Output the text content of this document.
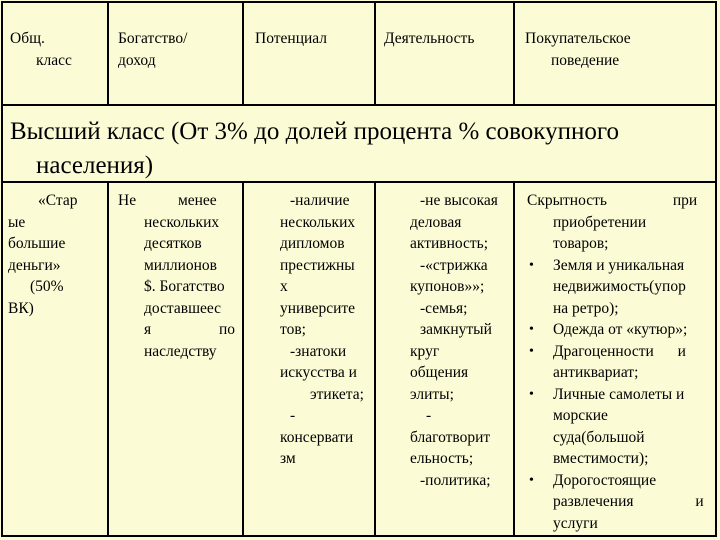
Общ.
класс
Богатство/
доход
Потенциал	Деятельность	Покупательское
поведение
Высший класс (От 3% до долей процента % совокупного
населения)
«Стар
ые
большие
деньги»
(50%
ВК)
Не менее
нескольких
десятков
миллионов
$. Богатство
доставшеес
я по
наследству
-наличие
нескольких
дипломов
престижны
х
университе
тов;
-знатоки
искусства и
этикета;
-
консервати
зм
-не высокая
деловая
активность;
-«стрижка
купонов»»;
-семья;
замкнутый
круг
общения
элиты;
-
благотворит
ельность;
-политика;
Скрытность при
приобретении
товаров;
• Земля и уникальная
недвижимость(упор
на ретро);
• Одежда от «кутюр»;
• Драгоценности и
антиквариат;
• Личные самолеты и
морские
суда(большой
вместимости);
• Дорогостоящие
развлечения и
услуги
